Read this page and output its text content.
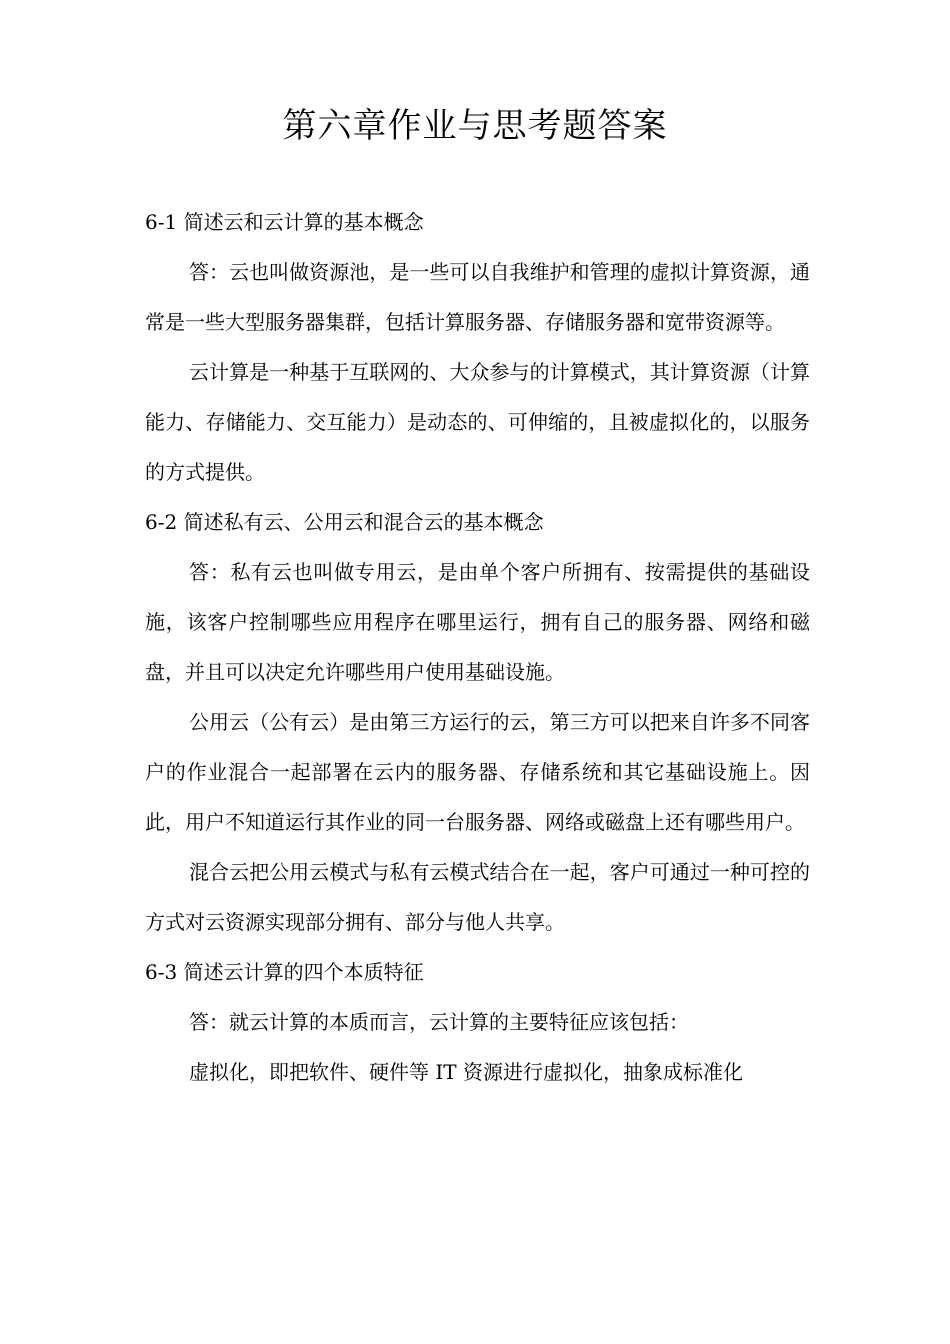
第六章作业与思考题答案

6-1 简述云和云计算的基本概念

答：云也叫做资源池，是一些可以自我维护和管理的虚拟计算资源，通常是一些大型服务器集群，包括计算服务器、存储服务器和宽带资源等。

云计算是一种基于互联网的、大众参与的计算模式，其计算资源（计算能力、存储能力、交互能力）是动态的、可伸缩的，且被虚拟化的，以服务的方式提供。

6-2 简述私有云、公用云和混合云的基本概念

答：私有云也叫做专用云，是由单个客户所拥有、按需提供的基础设施，该客户控制哪些应用程序在哪里运行，拥有自己的服务器、网络和磁盘，并且可以决定允许哪些用户使用基础设施。

公用云（公有云）是由第三方运行的云，第三方可以把来自许多不同客户的作业混合一起部署在云内的服务器、存储系统和其它基础设施上。因此，用户不知道运行其作业的同一台服务器、网络或磁盘上还有哪些用户。

混合云把公用云模式与私有云模式结合在一起，客户可通过一种可控的方式对云资源实现部分拥有、部分与他人共享。

6-3 简述云计算的四个本质特征

答：就云计算的本质而言，云计算的主要特征应该包括：

虚拟化，即把软件、硬件等 IT 资源进行虚拟化，抽象成标准化
